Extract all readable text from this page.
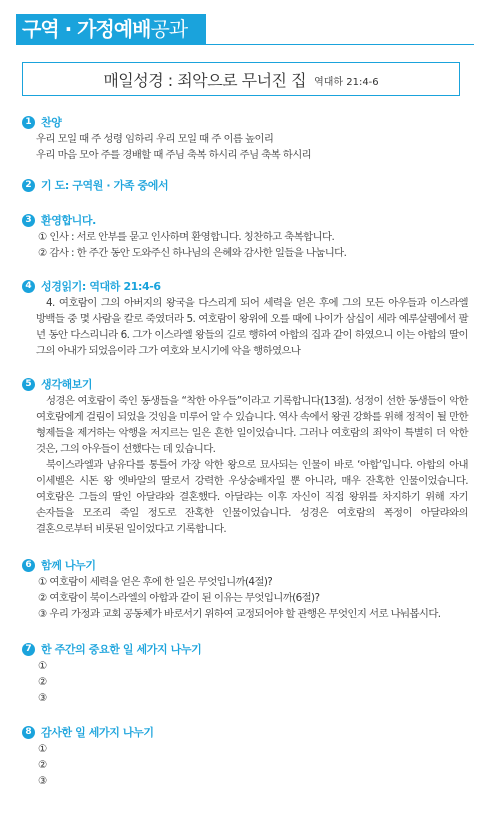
구역 · 가정예배공과
매일성경 : 죄악으로 무너진 집 역대하 21:4-6
1 찬양

우리 모일 때 주 성령 임하리 우리 모일 때 주 이름 높이리

우리 마음 모아 주를 경배할 때 주님 축복 하시리 주님 축복 하시리

2 기 도: 구역원 · 가족 중에서
3 환영합니다.

① 인사 : 서로 안부를 묻고 인사하며 환영합니다. 칭찬하고 축복합니다.

② 감사 : 한 주간 동안 도와주신 하나님의 은혜와 감사한 일들을 나눕니다.

4 성경읽기: 역대하 21:4-6

4. 여호람이 그의 아버지의 왕국을 다스리게 되어 세력을 얻은 후에 그의 모든 아우들과 이스라엘 방백들 중 몇 사람을 칼로 죽였더라 5. 여호람이 왕위에 오를 때에 나이가 삼십이 세라 예루살렘에서 팔 년 동안 다스리니라 6. 그가 이스라엘 왕들의 길로 행하여 아합의 집과 같이 하였으니 이는 아합의 딸이 그의 아내가 되었음이라 그가 여호와 보시기에 악을 행하였으나

5 생각해보기

성경은 여호람이 죽인 동생들을 “착한 아우들”이라고 기록합니다(13절). 성정이 선한 동생들이 악한 여호람에게 걸림이 되었을 것임을 미루어 알 수 있습니다. 역사 속에서 왕권 강화를 위해 정적이 될 만한 형제들을 제거하는 악행을 저지르는 일은 흔한 일이었습니다. 그러나 여호람의 죄악이 특별히 더 악한 것은, 그의 아우들이 선했다는 데 있습니다.

북이스라엘과 남유다를 통틀어 가장 악한 왕으로 묘사되는 인물이 바로 ‘아합’입니다. 아합의 아내 이세벨은 시돈 왕 엣바알의 딸로서 강력한 우상숭배자일 뿐 아니라, 매우 잔혹한 인물이었습니다. 여호람은 그들의 딸인 아달랴와 결혼했다. 아달랴는 이후 자신이 직접 왕위를 차지하기 위해 자기 손자들을 모조리 죽일 정도로 잔혹한 인물이었습니다. 성경은 여호람의 폭정이 아달랴와의 결혼으로부터 비롯된 일이었다고 기록합니다.

6 함께 나누기

① 여호람이 세력을 얻은 후에 한 일은 무엇입니까(4절)?

② 여호람이 북이스라엘의 아합과 같이 된 이유는 무엇입니까(6절)?

③ 우리 가정과 교회 공동체가 바로서기 위하여 교정되어야 할 관행은 무엇인지 서로 나눠봅시다.

7 한 주간의 중요한 일 세가지 나누기

①

②

③

8 감사한 일 세가지 나누기

①

②

③
